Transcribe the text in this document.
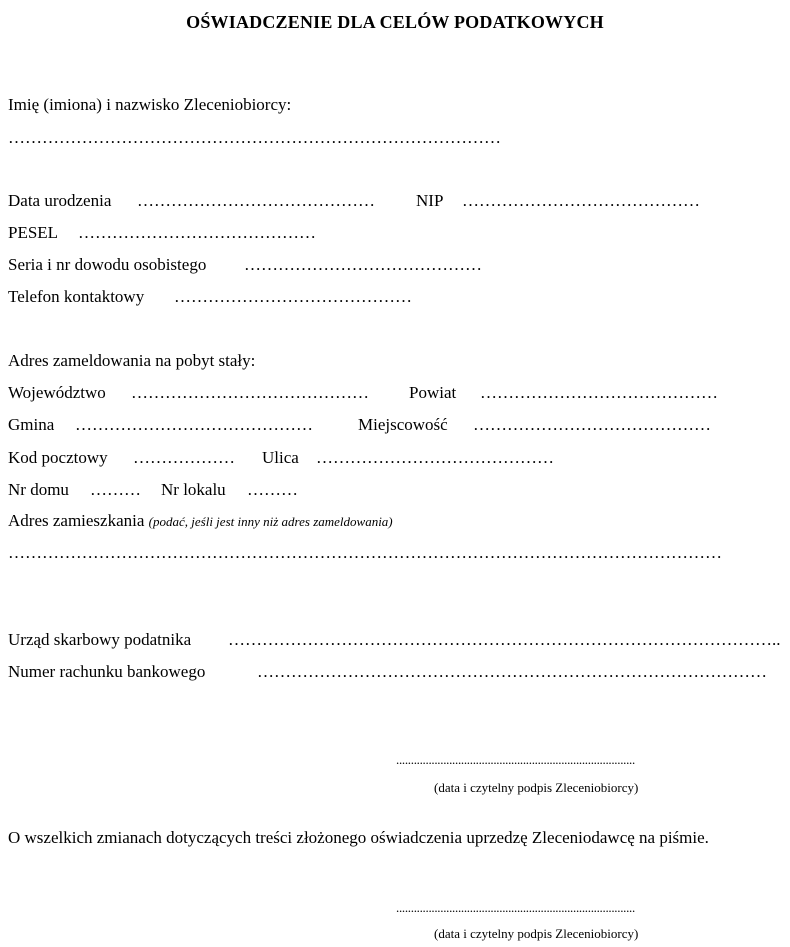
OŚWIADCZENIE DLA CELÓW PODATKOWYCH
Imię (imiona) i nazwisko Zleceniobiorcy:
……………………………………………………………………………
Data urodzenia …………………………………… NIP ……………………………………
PESEL ……………………………………
Seria i nr dowodu osobistego ……………………………………
Telefon kontaktowy ……………………………………
Adres zameldowania na pobyt stały:
Województwo …………………………………… Powiat ……………………………………
Gmina ……………………………………	Miejscowość ……………………………………
Kod pocztowy ……………… Ulica ……………………………………
Nr domu ……… Nr lokalu ………
Adres zamieszkania (podać, jeśli jest inny niż adres zameldowania)
………………………………………………………………………………………………………………
Urząd skarbowy podatnika ……………………………………………………………………………………..
Numer rachunku bankowego	………………………………………………………………………………
.................................................................................
(data i czytelny podpis Zleceniobiorcy)
O wszelkich zmianach dotyczących treści złożonego oświadczenia uprzedzę Zleceniodawcę na piśmie.
.................................................................................
(data i czytelny podpis Zleceniobiorcy)
